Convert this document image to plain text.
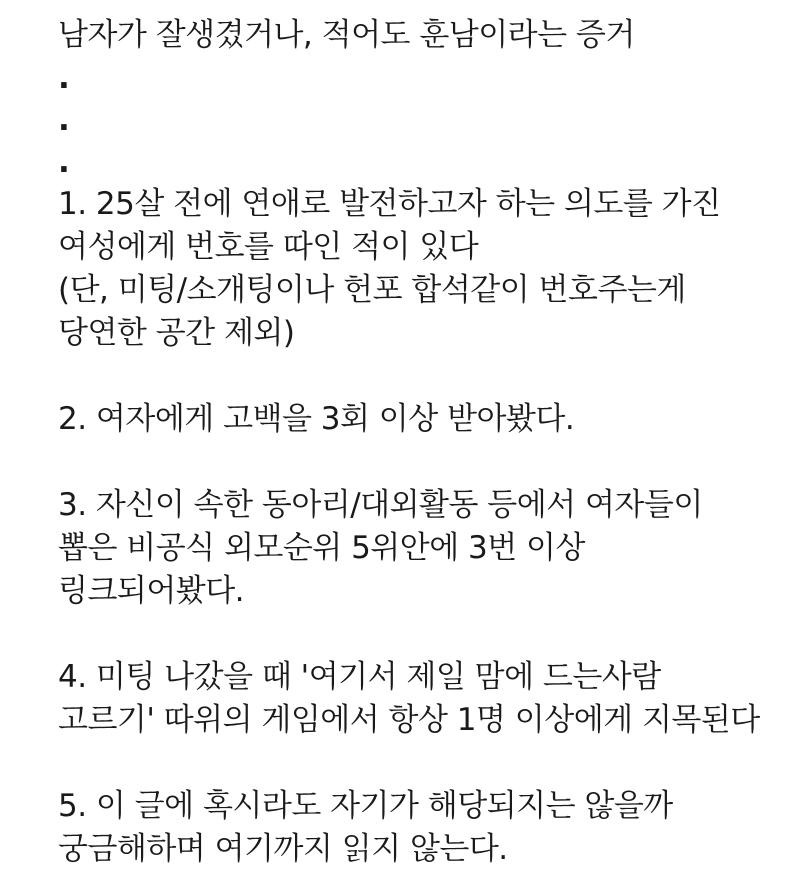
남자가 잘생겼거나, 적어도 훈남이라는 증거
.
.
.
1. 25살 전에 연애로 발전하고자 하는 의도를 가진
여성에게 번호를 따인 적이 있다
(단, 미팅/소개팅이나 헌포 합석같이 번호주는게
당연한 공간 제외)
2. 여자에게 고백을 3회 이상 받아봤다.
3. 자신이 속한 동아리/대외활동 등에서 여자들이
뽑은 비공식 외모순위 5위안에 3번 이상
링크되어봤다.
4. 미팅 나갔을 때 '여기서 제일 맘에 드는사람
고르기' 따위의 게임에서 항상 1명 이상에게 지목된다
5. 이 글에 혹시라도 자기가 해당되지는 않을까
궁금해하며 여기까지 읽지 않는다.
